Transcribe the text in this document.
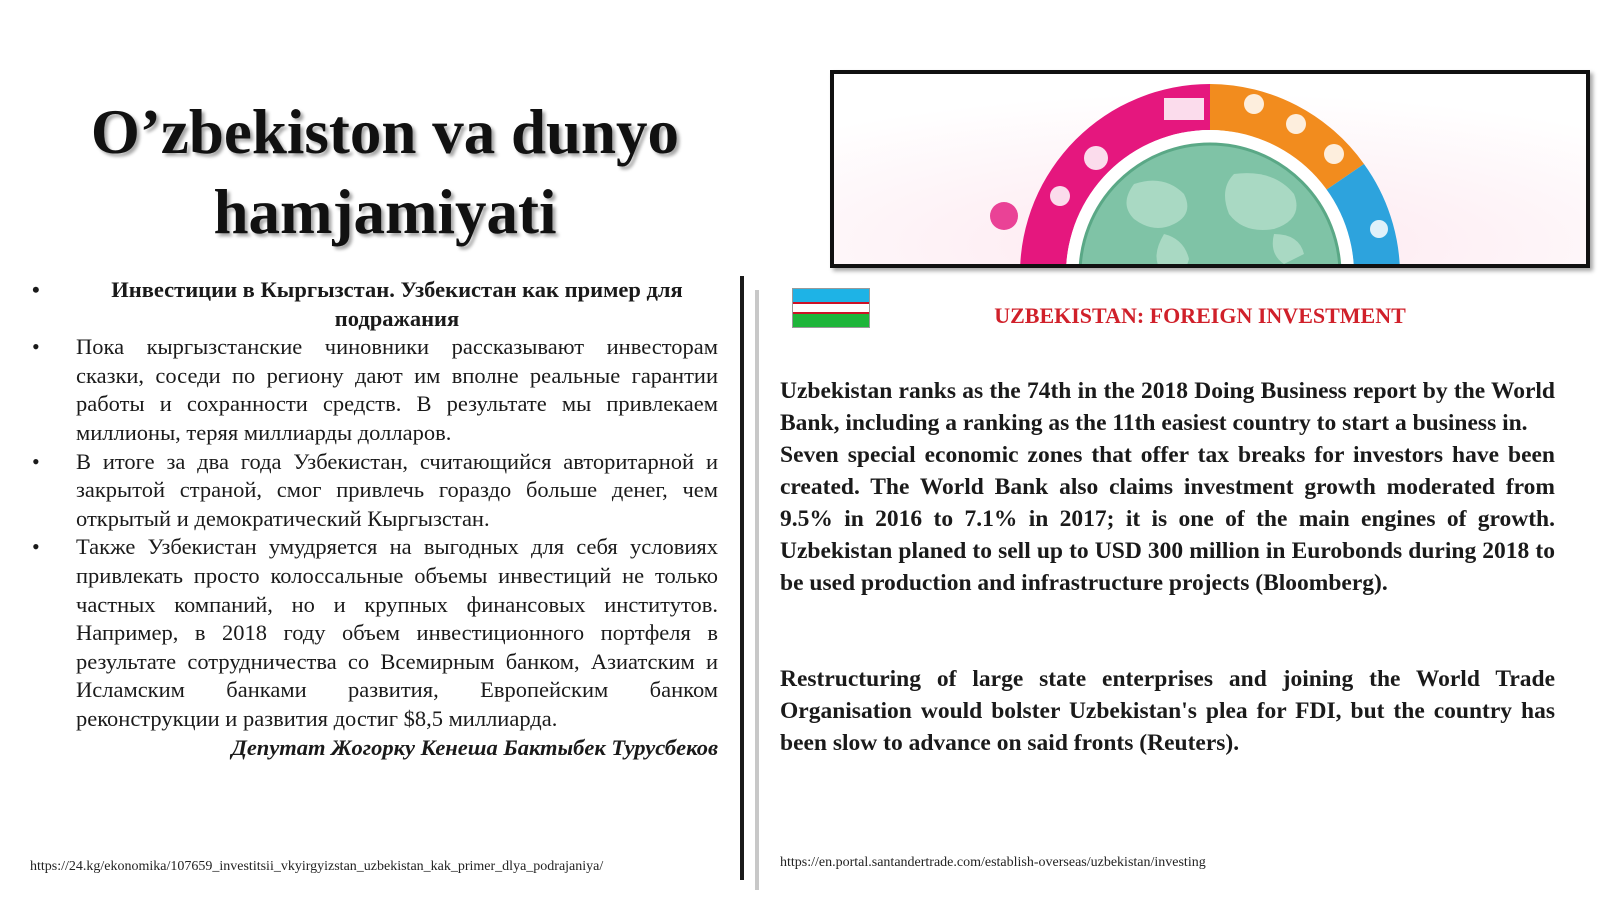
O’zbekiston va dunyo hamjamiyati
•	Инвестиции в Кыргызстан. Узбекистан как пример для подражания
• Пока кыргызстанские чиновники рассказывают инвесторам сказки, соседи по региону дают им вполне реальные гарантии работы и сохранности средств. В результате мы привлекаем миллионы, теряя миллиарды долларов.
• В итоге за два года Узбекистан, считающийся авторитарной и закрытой страной, смог привлечь гораздо больше денег, чем открытый и демократический Кыргызстан.
• Также Узбекистан умудряется на выгодных для себя условиях привлекать просто колоссальные объемы инвестиций не только частных компаний, но и крупных финансовых институтов. Например, в 2018 году объем инвестиционного портфеля в результате сотрудничества со Всемирным банком, Азиатским и Исламским банками развития, Европейским банком реконструкции и развития достиг $8,5 миллиарда.
Депутат Жогорку Кенеша Бактыбек Турусбеков
https://24.kg/ekonomika/107659_investitsii_vkyirgyizstan_uzbekistan_kak_primer_dlya_podrajaniya/
UZBEKISTAN: FOREIGN INVESTMENT

Uzbekistan ranks as the 74th in the 2018 Doing Business report by the World Bank, including a ranking as the 11th easiest country to start a business in.

Seven special economic zones that offer tax breaks for investors have been created. The World Bank also claims investment growth moderated from 9.5% in 2016 to 7.1% in 2017; it is one of the main engines of growth. Uzbekistan planed to sell up to USD 300 million in Eurobonds during 2018 to be used production and infrastructure projects (Bloomberg).

Restructuring of large state enterprises and joining the World Trade Organisation would bolster Uzbekistan's plea for FDI, but the country has been slow to advance on said fronts (Reuters).

https://en.portal.santandertrade.com/establish-overseas/uzbekistan/investing
